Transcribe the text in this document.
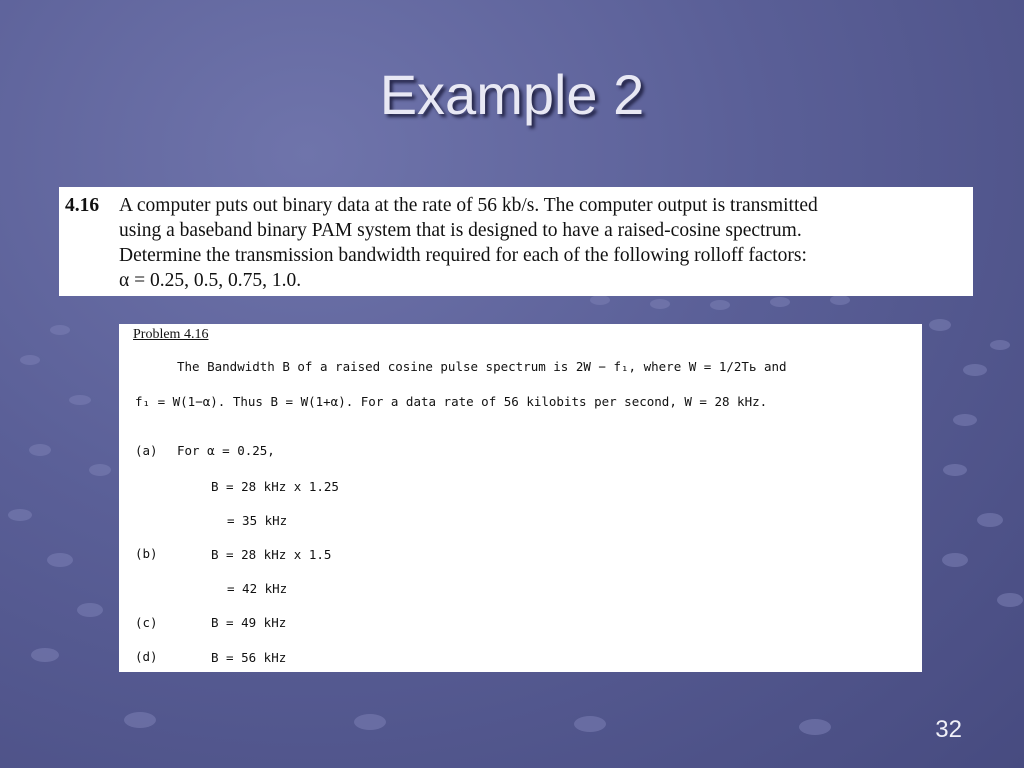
Example 2
4.16 A computer puts out binary data at the rate of 56 kb/s. The computer output is transmitted
using a baseband binary PAM system that is designed to have a raised-cosine spectrum.
Determine the transmission bandwidth required for each of the following rolloff factors:
α = 0.25, 0.5, 0.75, 1.0.
Problem 4.16
The Bandwidth B of a raised cosine pulse spectrum is 2W − f₁, where W = 1/2Tь and
f₁ = W(1−α). Thus B = W(1+α). For a data rate of 56 kilobits per second, W = 28 kHz.
(a) For α = 0.25,
B = 28 kHz x 1.25
= 35 kHz
(b)	B = 28 kHz x 1.5
= 42 kHz
(c)	B = 49 kHz
(d)	B = 56 kHz
32
